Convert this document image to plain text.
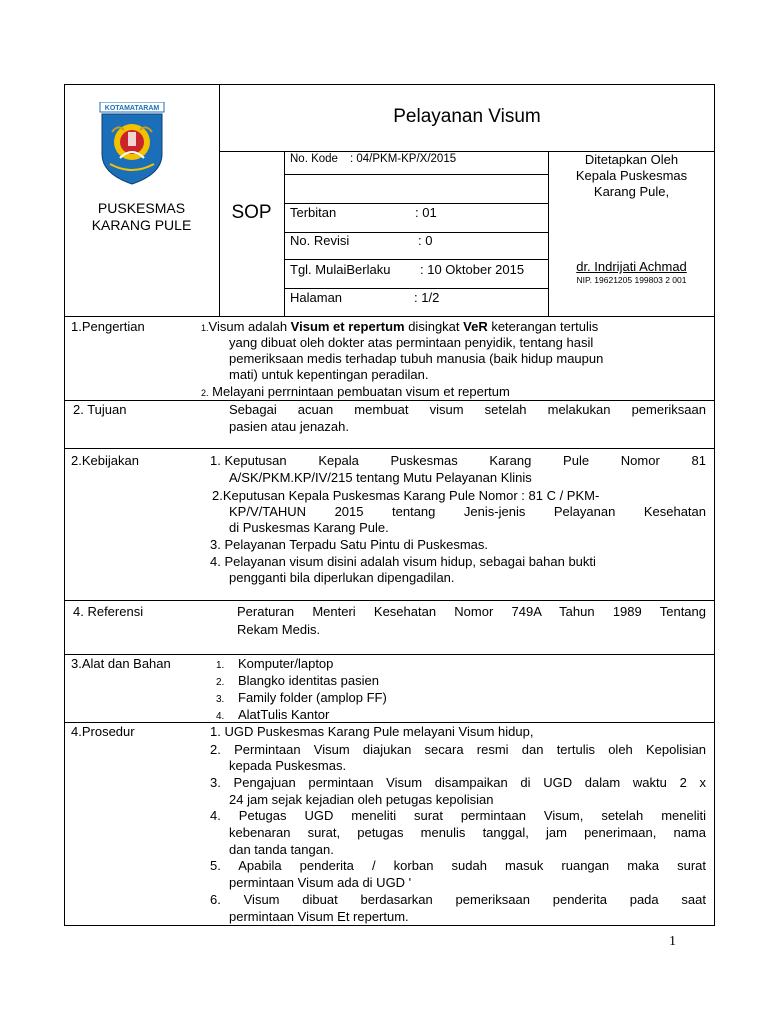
KOTAMATARAM
PUSKESMAS
KARANG PULE
Pelayanan Visum
SOP
No. Kode : 04/PKM-KP/X/2015
Terbitan	: 01
No. Revisi	: 0
Tgl. MulaiBerlaku : 10 Oktober 2015
Halaman	: 1/2
Ditetapkan Oleh
Kepala Puskesmas
Karang Pule,
dr. Indrijati Achmad
NIP. 19621205 199803 2 001
1.Pengertian	1.Visum adalah Visum et repertum disingkat VeR keterangan tertulis
yang dibuat oleh dokter atas permintaan penyidik, tentang hasil
pemeriksaan medis terhadap tubuh manusia (baik hidup maupun
mati) untuk kepentingan peradilan.
2. Melayani perrnintaan pembuatan visum et repertum
2. Tujuan	Sebagai acuan membuat visum setelah melakukan pemeriksaan
pasien atau jenazah.
2.Kebijakan	1. Keputusan Kepala Puskesmas Karang Pule Nomor 81
A/SK/PKM.KP/IV/215 tentang Mutu Pelayanan Klinis
2.Keputusan Kepala Puskesmas Karang Pule Nomor : 81 C / PKM-
KP/V/TAHUN 2015 tentang Jenis-jenis Pelayanan Kesehatan
di Puskesmas Karang Pule.
3. Pelayanan Terpadu Satu Pintu di Puskesmas.
4. Pelayanan visum disini adalah visum hidup, sebagai bahan bukti
pengganti bila diperlukan dipengadilan.
4. Referensi	Peraturan Menteri Kesehatan Nomor 749A Tahun 1989 Tentang
Rekam Medis.
3.Alat dan Bahan	1. Komputer/laptop
2. Blangko identitas pasien
3. Family folder (amplop FF)
4. AlatTulis Kantor
4.Prosedur	1. UGD Puskesmas Karang Pule melayani Visum hidup,
2. Permintaan Visum diajukan secara resmi dan tertulis oleh Kepolisian
kepada Puskesmas.
3. Pengajuan permintaan Visum disampaikan di UGD dalam waktu 2 x
24 jam sejak kejadian oleh petugas kepolisian
4. Petugas UGD meneliti surat permintaan Visum, setelah meneliti
kebenaran surat, petugas menulis tanggal, jam penerimaan, nama
dan tanda tangan.
5. Apabila penderita / korban sudah masuk ruangan maka surat
permintaan Visum ada di UGD '
6. Visum dibuat berdasarkan pemeriksaan penderita pada saat
permintaan Visum Et repertum.
1
